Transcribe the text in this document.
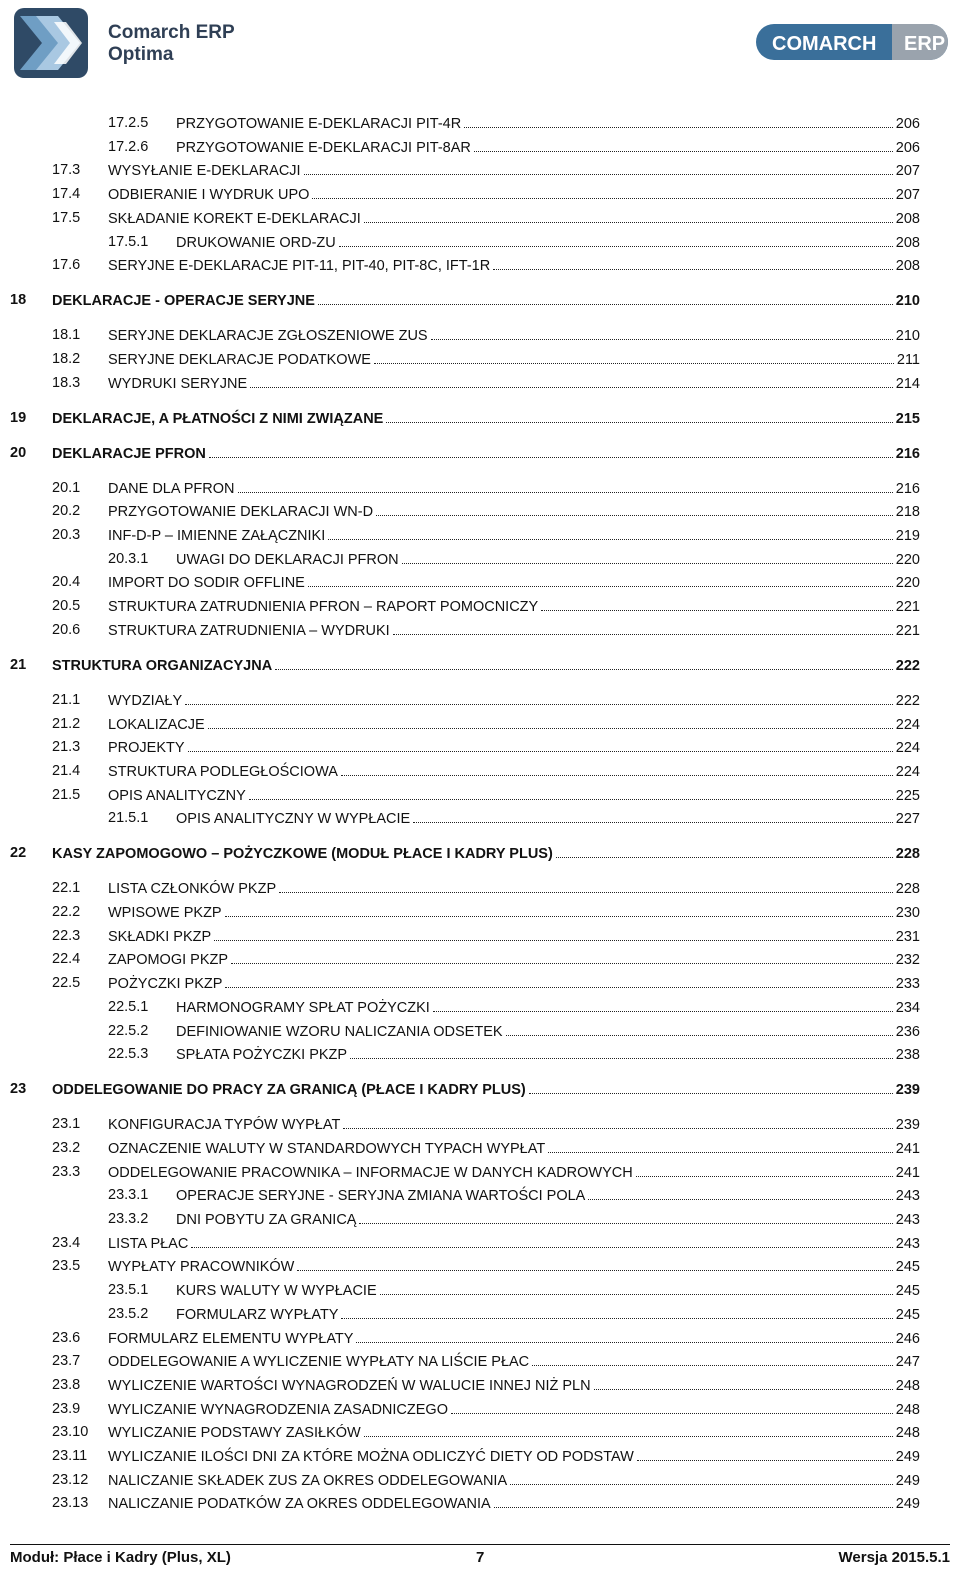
Comarch ERP
Optima	COMARCH ERP
17.2.5 PRZYGOTOWANIE E-DEKLARACJI PIT-4R	206
17.2.6 PRZYGOTOWANIE E-DEKLARACJI PIT-8AR	206
17.3 WYSYŁANIE E-DEKLARACJI	207
17.4 ODBIERANIE I WYDRUK UPO	207
17.5 SKŁADANIE KOREKT E-DEKLARACJI	208
17.5.1 DRUKOWANIE ORD-ZU	208
17.6 SERYJNE E-DEKLARACJE PIT-11, PIT-40, PIT-8C, IFT-1R	208
18 DEKLARACJE - OPERACJE SERYJNE	210
18.1 SERYJNE DEKLARACJE ZGŁOSZENIOWE ZUS	210
18.2 SERYJNE DEKLARACJE PODATKOWE	211
18.3 WYDRUKI SERYJNE	214
19 DEKLARACJE, A PŁATNOŚCI Z NIMI ZWIĄZANE	215
20 DEKLARACJE PFRON	216
20.1 DANE DLA PFRON	216
20.2 PRZYGOTOWANIE DEKLARACJI WN-D	218
20.3 INF-D-P – IMIENNE ZAŁĄCZNIKI	219
20.3.1 UWAGI DO DEKLARACJI PFRON	220
20.4 IMPORT DO SODIR OFFLINE	220
20.5 STRUKTURA ZATRUDNIENIA PFRON – RAPORT POMOCNICZY	221
20.6 STRUKTURA ZATRUDNIENIA – WYDRUKI	221
21 STRUKTURA ORGANIZACYJNA	222
21.1 WYDZIAŁY	222
21.2 LOKALIZACJE	224
21.3 PROJEKTY	224
21.4 STRUKTURA PODLEGŁOŚCIOWA	224
21.5 OPIS ANALITYCZNY	225
21.5.1 OPIS ANALITYCZNY W WYPŁACIE	227
22 KASY ZAPOMOGOWO – POŻYCZKOWE (MODUŁ PŁACE I KADRY PLUS)	228
22.1 LISTA CZŁONKÓW PKZP	228
22.2 WPISOWE PKZP	230
22.3 SKŁADKI PKZP	231
22.4 ZAPOMOGI PKZP	232
22.5 POŻYCZKI PKZP	233
22.5.1 HARMONOGRAMY SPŁAT POŻYCZKI	234
22.5.2 DEFINIOWANIE WZORU NALICZANIA ODSETEK	236
22.5.3 SPŁATA POŻYCZKI PKZP	238
23 ODDELEGOWANIE DO PRACY ZA GRANICĄ (PŁACE I KADRY PLUS)	239
23.1 KONFIGURACJA TYPÓW WYPŁAT	239
23.2 OZNACZENIE WALUTY W STANDARDOWYCH TYPACH WYPŁAT	241
23.3 ODDELEGOWANIE PRACOWNIKA – INFORMACJE W DANYCH KADROWYCH	241
23.3.1 OPERACJE SERYJNE - SERYJNA ZMIANA WARTOŚCI POLA	243
23.3.2 DNI POBYTU ZA GRANICĄ	243
23.4 LISTA PŁAC	243
23.5 WYPŁATY PRACOWNIKÓW	245
23.5.1 KURS WALUTY W WYPŁACIE	245
23.5.2 FORMULARZ WYPŁATY	245
23.6 FORMULARZ ELEMENTU WYPŁATY	246
23.7 ODDELEGOWANIE A WYLICZENIE WYPŁATY NA LIŚCIE PŁAC	247
23.8 WYLICZENIE WARTOŚCI WYNAGRODZEŃ W WALUCIE INNEJ NIŻ PLN	248
23.9 WYLICZANIE WYNAGRODZENIA ZASADNICZEGO	248
23.10 WYLICZANIE PODSTAWY ZASIŁKÓW	248
23.11 WYLICZANIE ILOŚCI DNI ZA KTÓRE MOŻNA ODLICZYĆ DIETY OD PODSTAW	249
23.12 NALICZANIE SKŁADEK ZUS ZA OKRES ODDELEGOWANIA	249
23.13 NALICZANIE PODATKÓW ZA OKRES ODDELEGOWANIA	249
Moduł: Płace i Kadry (Plus, XL)	7	Wersja 2015.5.1
